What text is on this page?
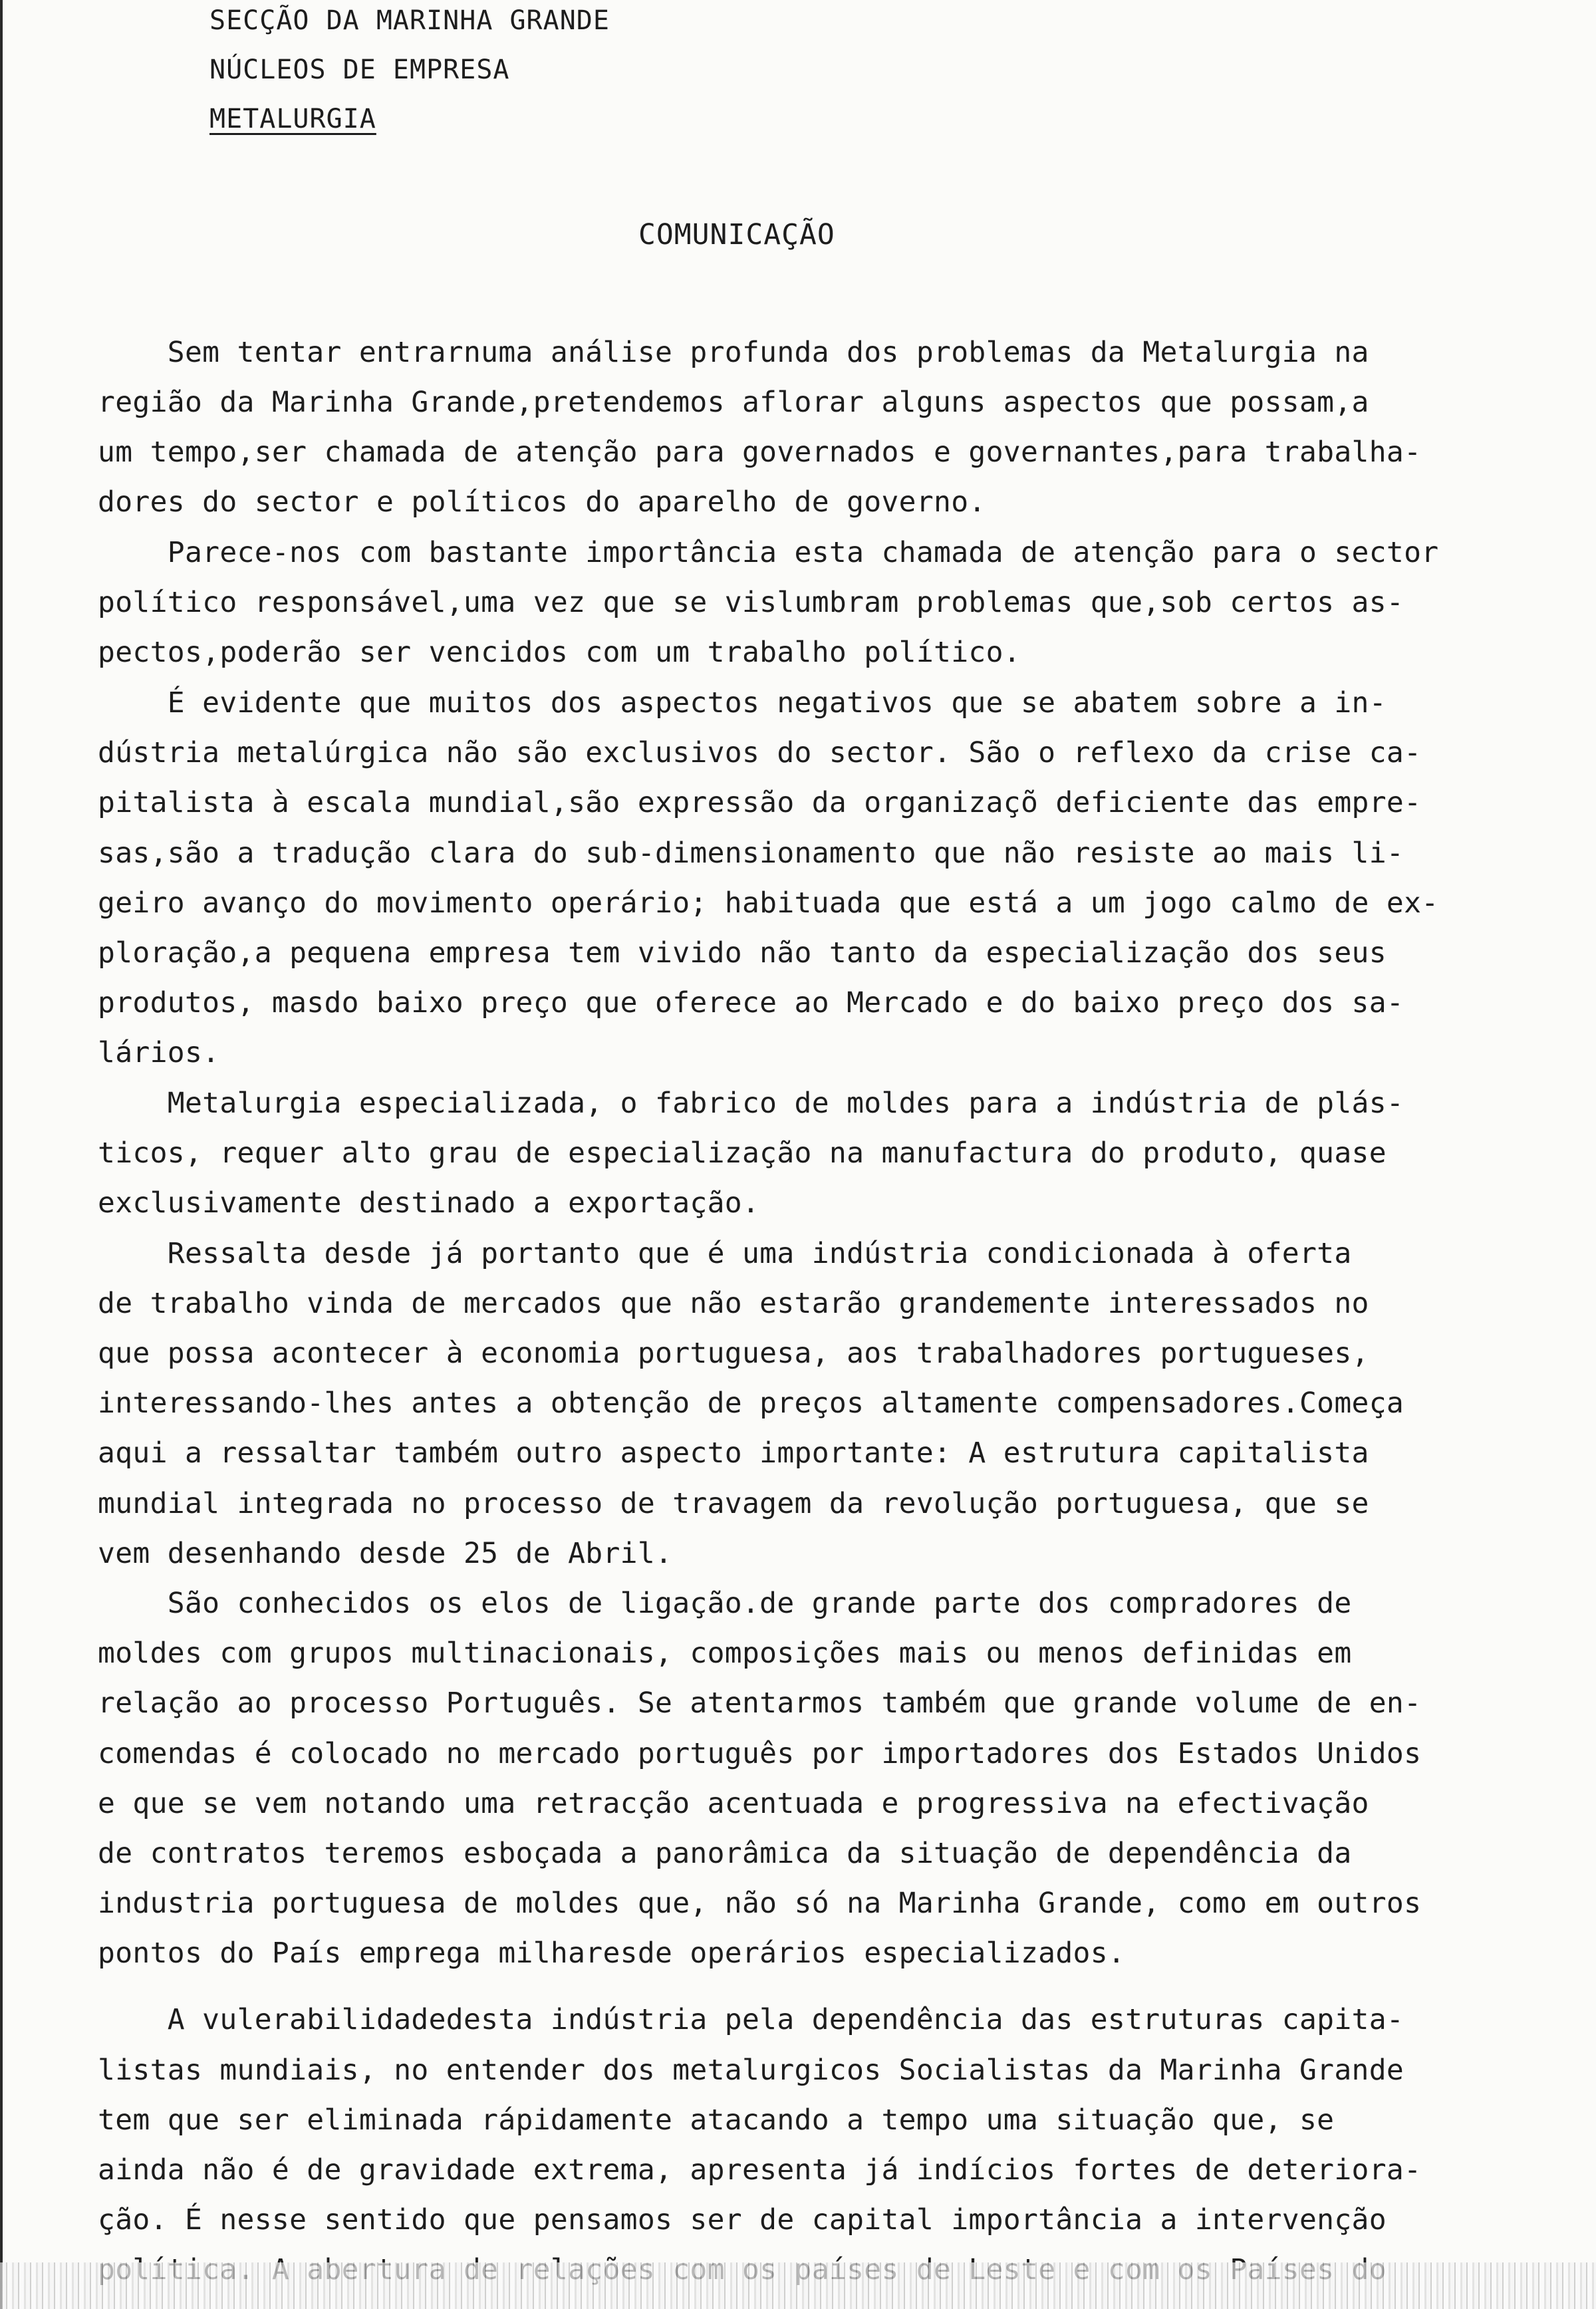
SECÇÃO DA MARINHA GRANDE
NÚCLEOS DE EMPRESA
METALURGIA
COMUNICAÇÃO
Sem tentar entrarnuma análise profunda dos problemas da Metalurgia na
região da Marinha Grande,pretendemos aflorar alguns aspectos que possam,a
um tempo,ser chamada de atenção para governados e governantes,para trabalha-
dores do sector e políticos do aparelho de governo.
Parece-nos com bastante importância esta chamada de atenção para o sector
político responsável,uma vez que se vislumbram problemas que,sob certos as-
pectos,poderão ser vencidos com um trabalho político.
É evidente que muitos dos aspectos negativos que se abatem sobre a in-
dústria metalúrgica não são exclusivos do sector. São o reflexo da crise ca-
pitalista à escala mundial,são expressão da organizaçõ deficiente das empre-
sas,são a tradução clara do sub-dimensionamento que não resiste ao mais li-
geiro avanço do movimento operário; habituada que está a um jogo calmo de ex-
ploração,a pequena empresa tem vivido não tanto da especialização dos seus
produtos, masdo baixo preço que oferece ao Mercado e do baixo preço dos sa-
lários.
Metalurgia especializada, o fabrico de moldes para a indústria de plás-
ticos, requer alto grau de especialização na manufactura do produto, quase
exclusivamente destinado a exportação.
Ressalta desde já portanto que é uma indústria condicionada à oferta
de trabalho vinda de mercados que não estarão grandemente interessados no
que possa acontecer à economia portuguesa, aos trabalhadores portugueses,
interessando-lhes antes a obtenção de preços altamente compensadores.Começa
aqui a ressaltar também outro aspecto importante: A estrutura capitalista
mundial integrada no processo de travagem da revolução portuguesa, que se
vem desenhando desde 25 de Abril.
São conhecidos os elos de ligação.de grande parte dos compradores de
moldes com grupos multinacionais, composições mais ou menos definidas em
relação ao processo Português. Se atentarmos também que grande volume de en-
comendas é colocado no mercado português por importadores dos Estados Unidos
e que se vem notando uma retracção acentuada e progressiva na efectivação
de contratos teremos esboçada a panorâmica da situação de dependência da
industria portuguesa de moldes que, não só na Marinha Grande, como em outros
pontos do País emprega milharesde operários especializados.
A vulerabilidadedesta indústria pela dependência das estruturas capita-
listas mundiais, no entender dos metalurgicos Socialistas da Marinha Grande
tem que ser eliminada rápidamente atacando a tempo uma situação que, se
ainda não é de gravidade extrema, apresenta já indícios fortes de deteriora-
ção. É nesse sentido que pensamos ser de capital importância a intervenção
